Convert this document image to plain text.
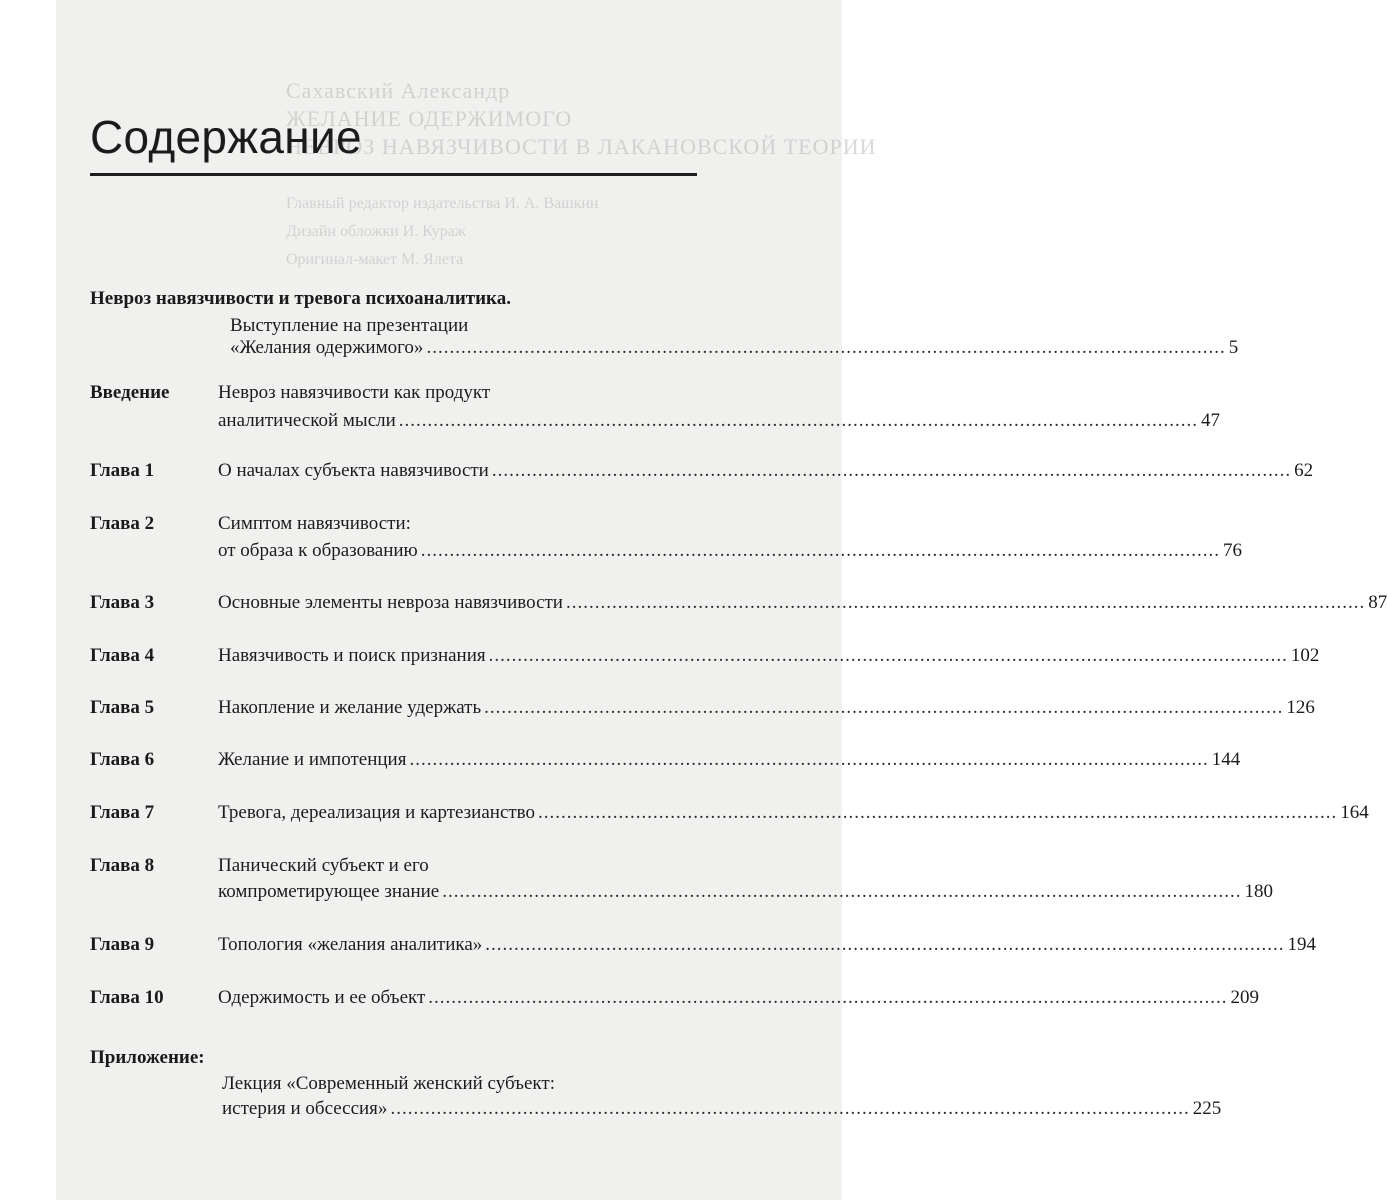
Сахавский Александр
ЖЕЛАНИЕ ОДЕРЖИМОГО
НЕВРОЗ НАВЯЗЧИВОСТИ В ЛАКАНОВСКОЙ ТЕОРИИ
Главный редактор издательства И. А. Вашкин
Дизайн обложки И. Кураж
Оригинал-макет М. Ялета
Содержание
Невроз навязчивости и тревога психоаналитика.
Выступление на презентации
«Желания одержимого» .....	5
Введение	Невроз навязчивости как продукт
аналитической мысли .....	47
Глава 1	О началах субъекта навязчивости .....	62
Глава 2	Симптом навязчивости:
от образа к образованию .....	76
Глава 3	Основные элементы невроза навязчивости .....	87
Глава 4	Навязчивость и поиск признания .....	102
Глава 5	Накопление и желание удержать .....	126
Глава 6	Желание и импотенция .....	144
Глава 7	Тревога, дереализация и картезианство .....	164
Глава 8	Панический субъект и его
компрометирующее знание .....	180
Глава 9	Топология «желания аналитика» .....	194
Глава 10	Одержимость и ее объект .....	209
Приложение:
Лекция «Современный женский субъект:
истерия и обсессия» .....	225
